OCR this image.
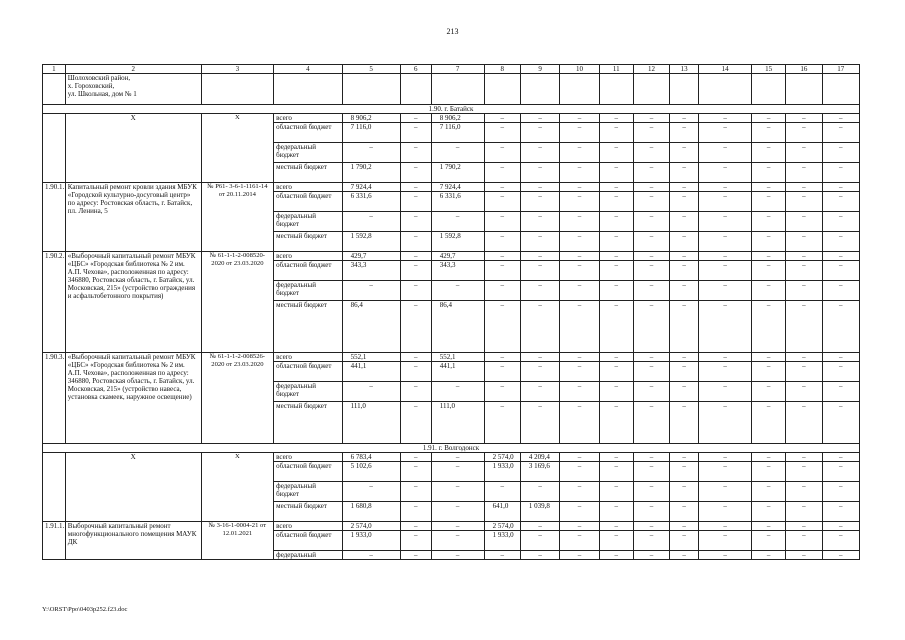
213
1	2	3	4	5	6	7	8	9	10	11	12	13	14	15	16	17
	Шолоховский район,
х. Гороховский,
ул. Школьная, дом № 1															
1.90. г. Батайск																
	Х	Х	всего	8 906,2	–	8 906,2	–	–	–	–	–	–	–	–	–	–
			областной бюджет	7 116,0	–	7 116,0	–	–	–	–	–	–	–	–	–	–
			федеральный бюджет	–	–	–	–	–	–	–	–	–	–	–	–	–
			местный бюджет	1 790,2	–	1 790,2	–	–	–	–	–	–	–	–	–	–
1.90.1.	Капитальный ремонт кровли здания МБУК «Городской культурно-досуговый центр» по адресу: Ростовская область, г. Батайск, пл. Ленина, 5	№ Р61- 3-6-1-1161-14 от 20.11.2014	всего	7 924,4	–	7 924,4	–	–	–	–	–	–	–	–	–	–
			областной бюджет	6 331,6	–	6 331,6	–	–	–	–	–	–	–	–	–	–
			федеральный бюджет	–	–	–	–	–	–	–	–	–	–	–	–	–
			местный бюджет	1 592,8	–	1 592,8	–	–	–	–	–	–	–	–	–	–
1.90.2.	«Выборочный капитальный ремонт МБУК «ЦБС» «Городская библиотека № 2 им. А.П. Чехова», расположенная по адресу: 346880, Ростовская область, г. Батайск, ул. Московская, 215» (устройство ограждения и асфальтобетонного покрытия)	№ 61-1-1-2-008520-2020 от 23.03.2020	всего	429,7	–	429,7	–	–	–	–	–	–	–	–	–	–
			областной бюджет	343,3	–	343,3	–	–	–	–	–	–	–	–	–	–
			федеральный бюджет	–	–	–	–	–	–	–	–	–	–	–	–	–
			местный бюджет	86,4	–	86,4	–	–	–	–	–	–	–	–	–	–
1.90.3.	«Выборочный капитальный ремонт МБУК «ЦБС» «Городская библиотека № 2 им. А.П. Чехова», расположенная по адресу: 346880, Ростовская область, г. Батайск, ул. Московская, 215» (устройство навеса, установка скамеек, наружное освещение)	№ 61-1-1-2-008526-2020 от 23.03.2020	всего	552,1	–	552,1	–	–	–	–	–	–	–	–	–	–
			областной бюджет	441,1	–	441,1	–	–	–	–	–	–	–	–	–	–
			федеральный бюджет	–	–	–	–	–	–	–	–	–	–	–	–	–
			местный бюджет	111,0	–	111,0	–	–	–	–	–	–	–	–	–	–
1.91. г. Волгодонск																
	Х	Х	всего	6 783,4	–	–	2 574,0	4 209,4	–	–	–	–	–	–	–	–
			областной бюджет	5 102,6	–	–	1 933,0	3 169,6	–	–	–	–	–	–	–	–
			федеральный бюджет	–	–	–	–	–	–	–	–	–	–	–	–	–
			местный бюджет	1 680,8	–	–	641,0	1 039,8	–	–	–	–	–	–	–	–
1.91.1.	Выборочный капитальный ремонт многофункционального помещения МАУК ДК	№ 3-16-1-0004-21 от 12.01.2021	всего	2 574,0	–	–	2 574,0	–	–	–	–	–	–	–	–	–
			областной бюджет	1 933,0	–	–	1 933,0	–	–	–	–	–	–	–	–	–
			федеральный	–	–	–	–	–	–	–	–	–	–	–	–	–
Y:\ORST\Ppo\0403p252.f23.doc
